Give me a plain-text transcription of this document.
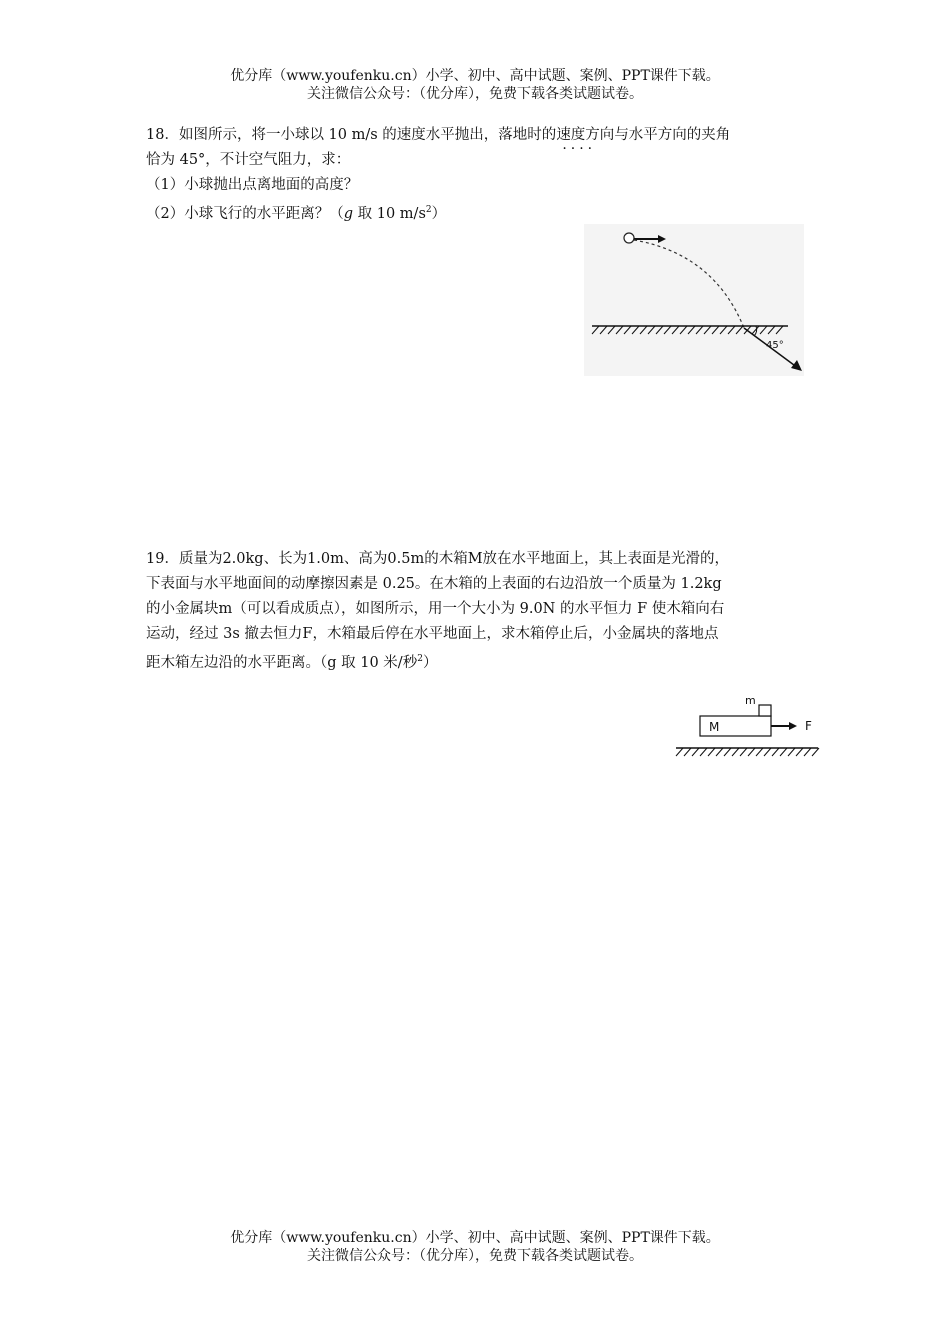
优分库（www.youfenku.cn）小学、初中、高中试题、案例、PPT课件下载。
关注微信公众号：（优分库），免费下载各类试题试卷。

18．如图所示，将一小球以 10 m/s 的速度水平抛出，落地时的速度方向 ····与水平方向的夹角

恰为 45°，不计空气阻力，求：

（1）小球抛出点离地面的高度？

（2）小球飞行的水平距离？（g 取 10 $m/s^2$）

45°

19．质量为2.0kg、长为1.0m、高为0.5m的木箱M放在水平地面上，其上表面是光滑的，

下表面与水平地面间的动摩擦因素是 0.25。在木箱的上表面的右边沿放一个质量为 1.2kg

的小金属块m（可以看成质点），如图所示，用一个大小为 9.0N 的水平恒力 F 使木箱向右

运动，经过 3s 撤去恒力F，木箱最后停在水平地面上，求木箱停止后，小金属块的落地点

距木箱左边沿的水平距离。（g 取 10 米/秒$^2$）

M
m
F
优分库（www.youfenku.cn）小学、初中、高中试题、案例、PPT课件下载。
关注微信公众号：（优分库），免费下载各类试题试卷。
